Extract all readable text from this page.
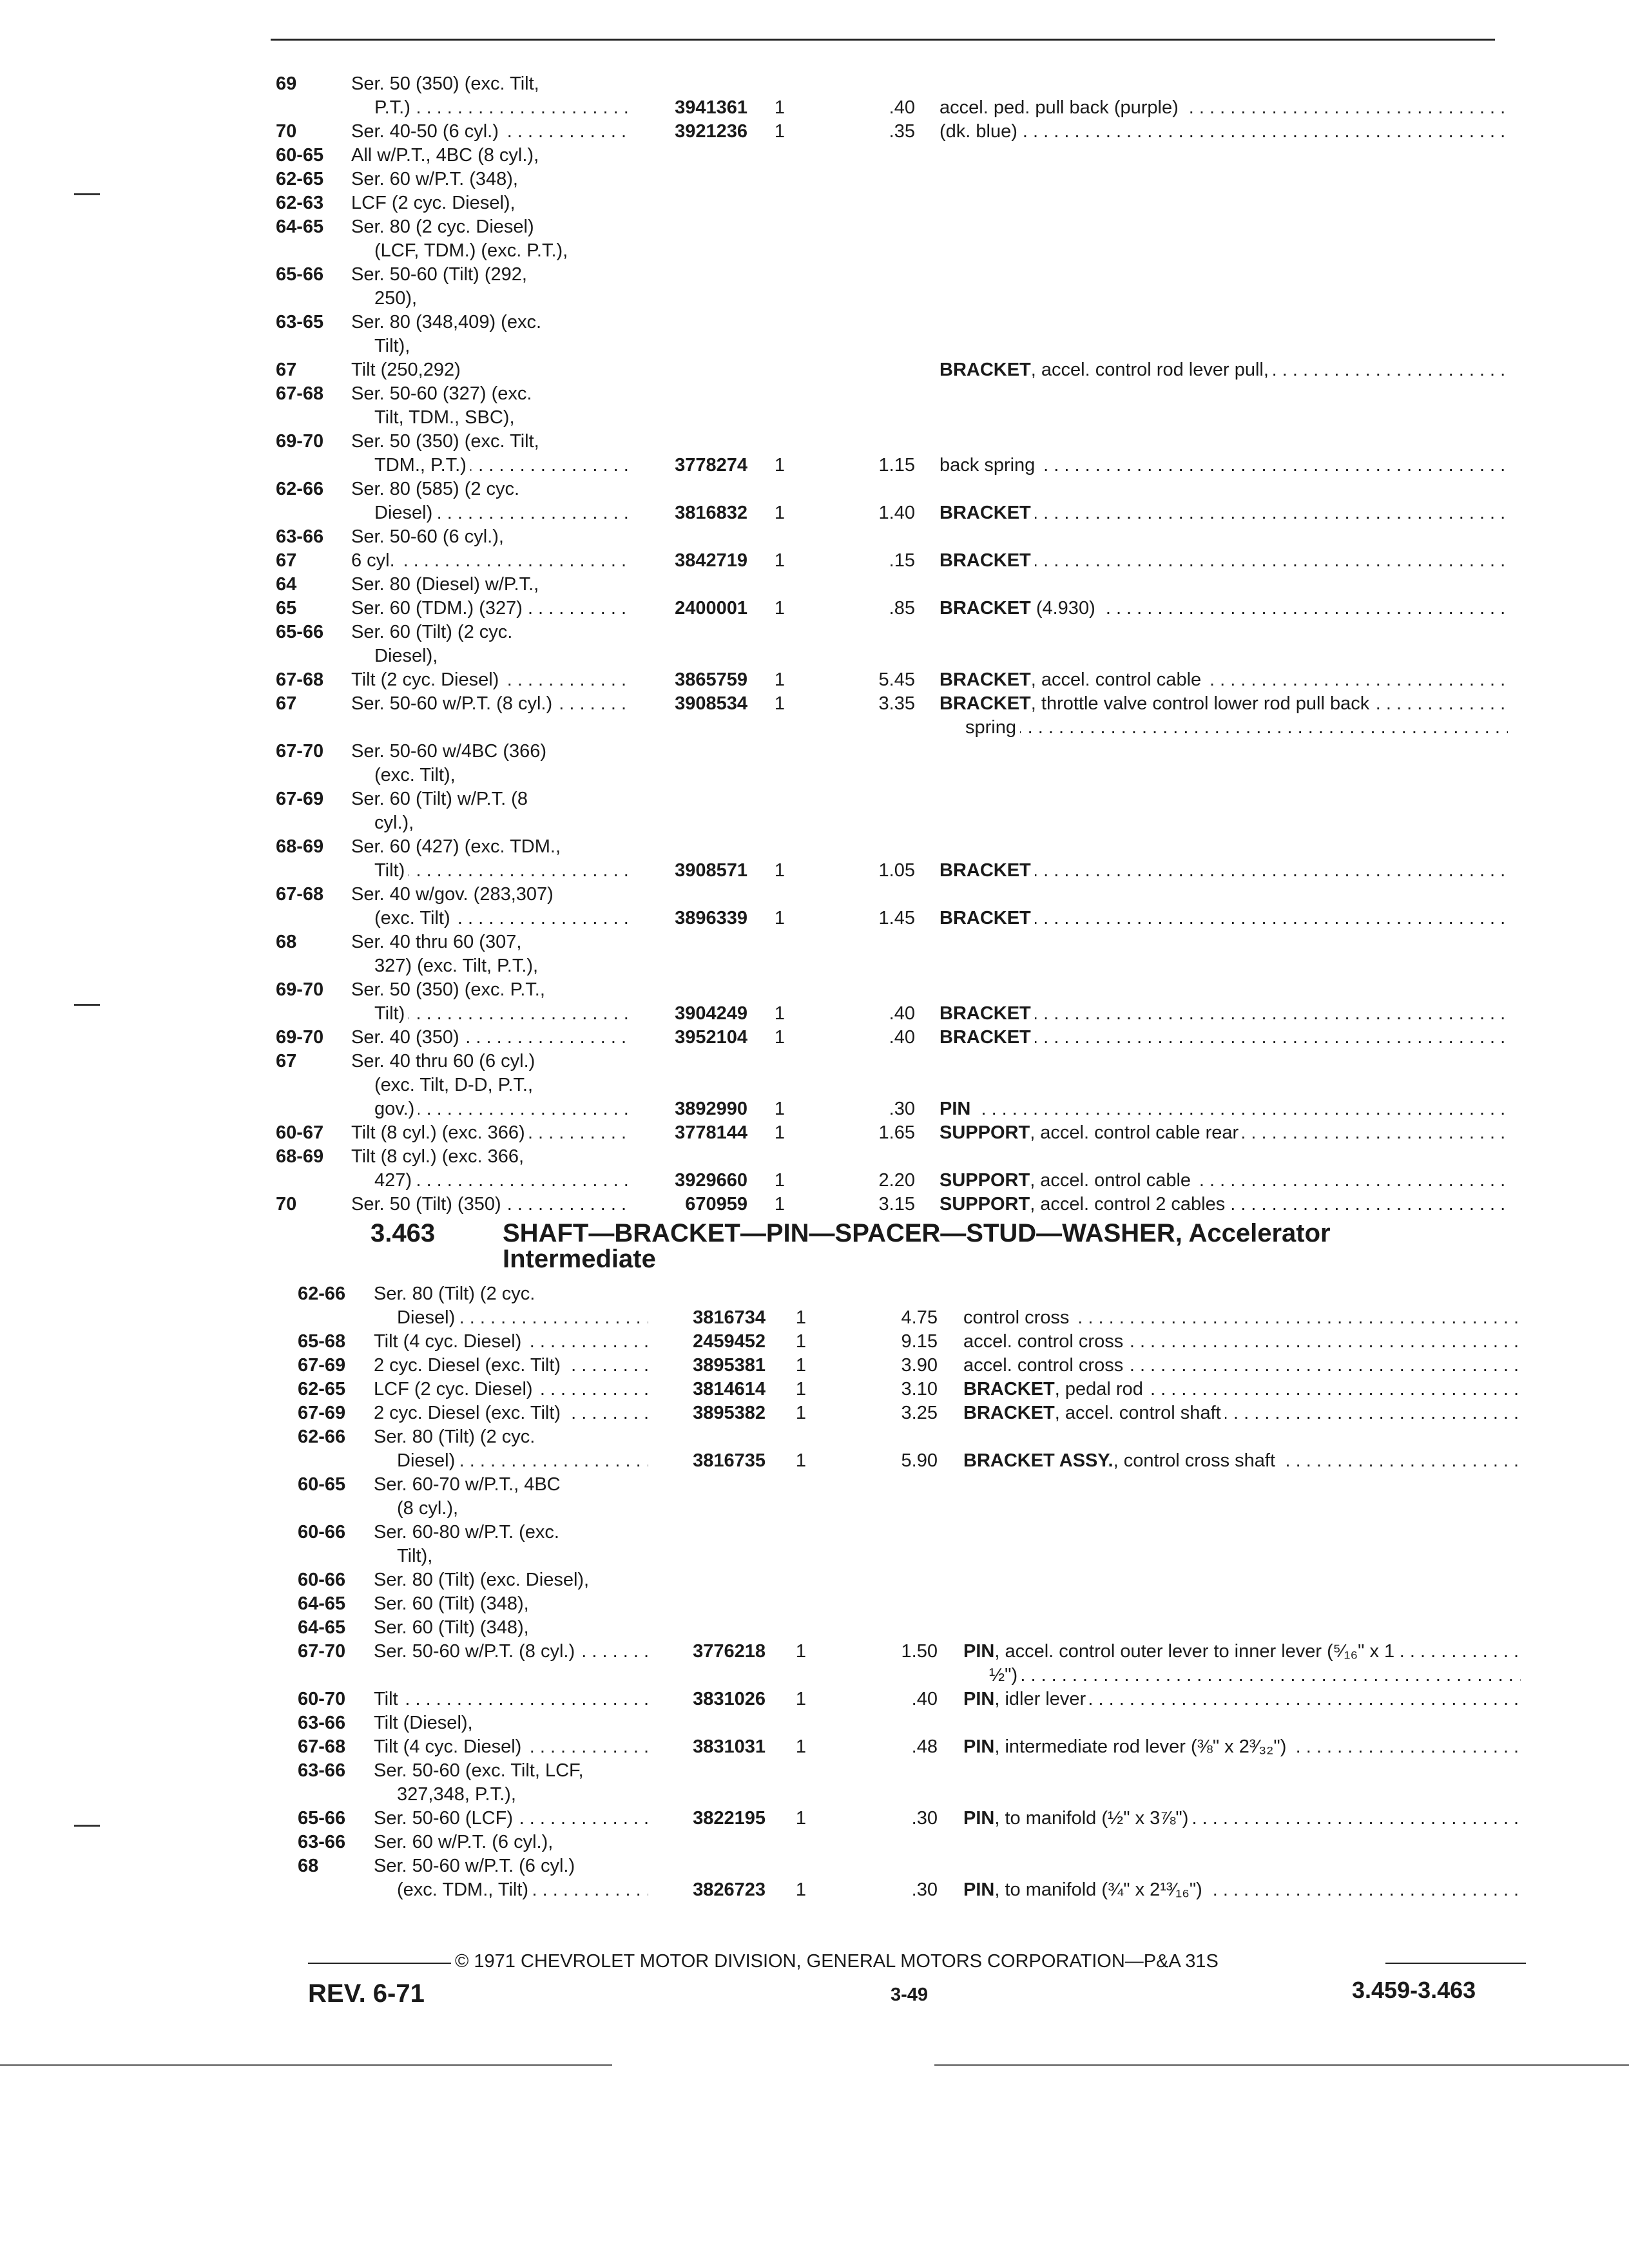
69	Ser. 50 (350) (exc. Tilt,
P.T.) . . .	3941361 1	.40 accel. ped. pull back (purple) . . .
70	Ser. 40-50 (6 cyl.) . . .	3921236 1	.35 (dk. blue) . . .
60-65 All w/P.T., 4BC (8 cyl.),
62-65 Ser. 60 w/P.T. (348),
62-63 LCF (2 cyc. Diesel),
64-65 Ser. 80 (2 cyc. Diesel)
(LCF, TDM.) (exc. P.T.),
65-66 Ser. 50-60 (Tilt) (292,
250),
63-65 Ser. 80 (348,409) (exc.
Tilt),
67	Tilt (250,292)	BRACKET, accel. control rod lever pull, . . .
67-68 Ser. 50-60 (327) (exc.
Tilt, TDM., SBC),
69-70 Ser. 50 (350) (exc. Tilt,
TDM., P.T.) . . .	3778274 1	1.15 back spring . . .
62-66 Ser. 80 (585) (2 cyc.
Diesel) . . .	3816832 1	1.40 BRACKET . . .
63-66 Ser. 50-60 (6 cyl.),
67	6 cyl. . . .	3842719 1	.15 BRACKET . . .
64	Ser. 80 (Diesel) w/P.T.,
65	Ser. 60 (TDM.) (327) . . .	2400001 1	.85 BRACKET (4.930) . . .
65-66 Ser. 60 (Tilt) (2 cyc.
Diesel),
67-68 Tilt (2 cyc. Diesel) . . .	3865759 1	5.45 BRACKET, accel. control cable . . .
67	Ser. 50-60 w/P.T. (8 cyl.) . . .	3908534 1	3.35 BRACKET, throttle valve control lower rod pull back . . .
spring . . .
67-70 Ser. 50-60 w/4BC (366)
(exc. Tilt),
67-69 Ser. 60 (Tilt) w/P.T. (8
cyl.),
68-69 Ser. 60 (427) (exc. TDM.,
Tilt) . . .	3908571 1	1.05 BRACKET . . .
67-68 Ser. 40 w/gov. (283,307)
(exc. Tilt) . . .	3896339 1	1.45 BRACKET . . .
68	Ser. 40 thru 60 (307,
327) (exc. Tilt, P.T.),
69-70 Ser. 50 (350) (exc. P.T.,
Tilt) . . .	3904249 1	.40 BRACKET . . .
69-70 Ser. 40 (350) . . .	3952104 1	.40 BRACKET . . .
67	Ser. 40 thru 60 (6 cyl.)
(exc. Tilt, D-D, P.T.,
gov.) . . .	3892990 1	.30 PIN . . .
60-67 Tilt (8 cyl.) (exc. 366) . . .	3778144 1	1.65 SUPPORT, accel. control cable rear . . .
68-69 Tilt (8 cyl.) (exc. 366,
427) . . .	3929660 1	2.20 SUPPORT, accel. ontrol cable . . .
70	Ser. 50 (Tilt) (350) . . .	670959 1	3.15 SUPPORT, accel. control 2 cables . . .
3.463	SHAFT—BRACKET—PIN—SPACER—STUD—WASHER, Accelerator Intermediate
62-66 Ser. 80 (Tilt) (2 cyc.
Diesel) . . .	3816734 1	4.75 control cross . . .
65-68 Tilt (4 cyc. Diesel) . . .	2459452 1	9.15 accel. control cross . . .
67-69 2 cyc. Diesel (exc. Tilt) . . .	3895381 1	3.90 accel. control cross . . .
62-65 LCF (2 cyc. Diesel) . . .	3814614 1	3.10 BRACKET, pedal rod . . .
67-69 2 cyc. Diesel (exc. Tilt) . . .	3895382 1	3.25 BRACKET, accel. control shaft . . .
62-66 Ser. 80 (Tilt) (2 cyc.
Diesel) . . .	3816735 1	5.90 BRACKET ASSY., control cross shaft . . .
60-65 Ser. 60-70 w/P.T., 4BC
(8 cyl.),
60-66 Ser. 60-80 w/P.T. (exc.
Tilt),
60-66 Ser. 80 (Tilt) (exc. Diesel),
64-65 Ser. 60 (Tilt) (348),
64-65 Ser. 60 (Tilt) (348),
67-70 Ser. 50-60 w/P.T. (8 cyl.) . . .	3776218 1	1.50 PIN, accel. control outer lever to inner lever (⁵⁄₁₆" x 1 . . .
½") . . .
60-70 Tilt . . .	3831026 1	.40 PIN, idler lever . . .
63-66 Tilt (Diesel),
67-68 Tilt (4 cyc. Diesel) . . .	3831031 1	.48 PIN, intermediate rod lever (⅜" x 2³⁄₃₂") . . .
63-66 Ser. 50-60 (exc. Tilt, LCF,
327,348, P.T.),
65-66 Ser. 50-60 (LCF) . . .	3822195 1	.30 PIN, to manifold (½" x 3⅞") . . .
63-66 Ser. 60 w/P.T. (6 cyl.),
68	Ser. 50-60 w/P.T. (6 cyl.)
(exc. TDM., Tilt) . . .	3826723 1	.30 PIN, to manifold (¾" x 2¹³⁄₁₆") . . .
© 1971 CHEVROLET MOTOR DIVISION, GENERAL MOTORS CORPORATION—P&A 31S
REV. 6-71	3-49	3.459-3.463
